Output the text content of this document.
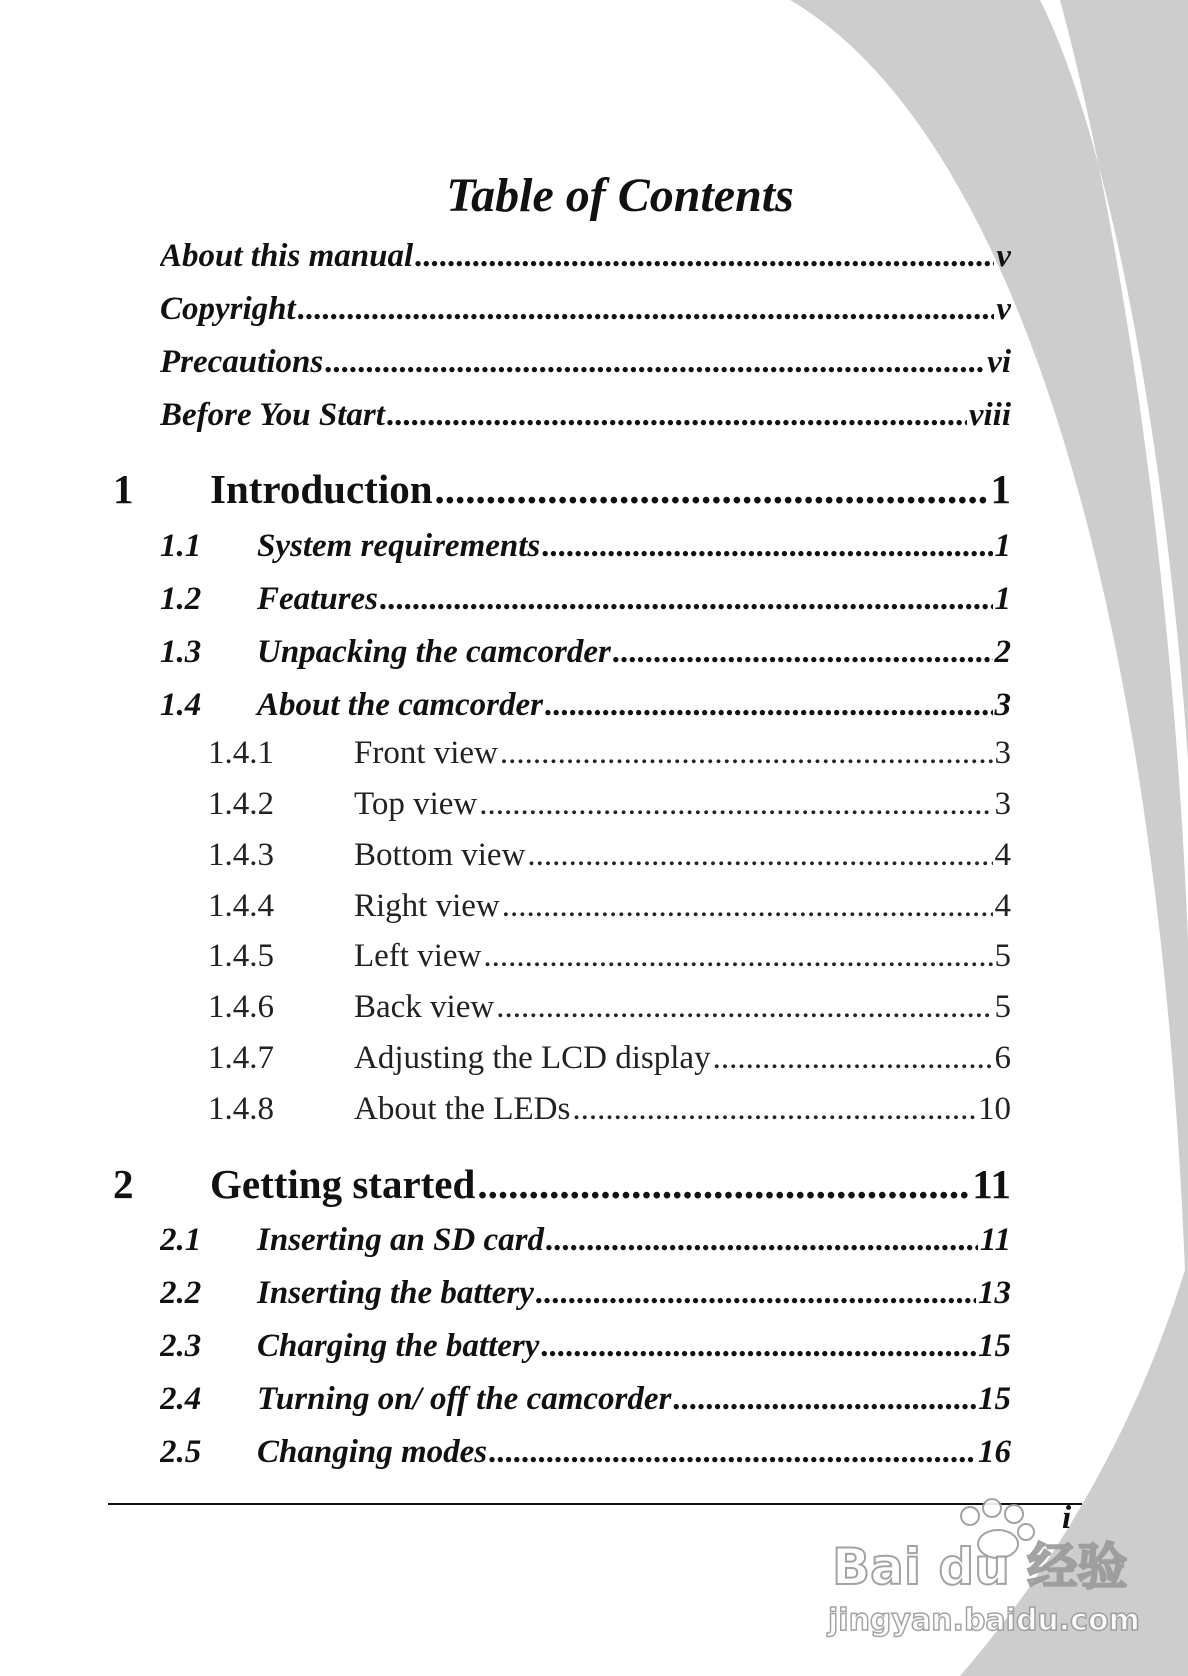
Table of Contents
About this manual .....	v
Copyright .....	v
Precautions .....	vi
Before You Start .....	viii
1	Introduction .....	1
1.1	System requirements .....	1
1.2	Features .....	1
1.3	Unpacking the camcorder .....	2
1.4	About the camcorder .....	3
1.4.1	Front view .....	3
1.4.2	Top view .....	3
1.4.3	Bottom view .....	4
1.4.4	Right view .....	4
1.4.5	Left view .....	5
1.4.6	Back view .....	5
1.4.7	Adjusting the LCD display .....	6
1.4.8	About the LEDs .....	10
2	Getting started .....	11
2.1	Inserting an SD card .....	11
2.2	Inserting the battery .....	13
2.3	Charging the battery .....	15
2.4	Turning on/ off the camcorder .....	15
2.5	Changing modes .....	16
i
Bai du 经验
jingyan.baidu.com
